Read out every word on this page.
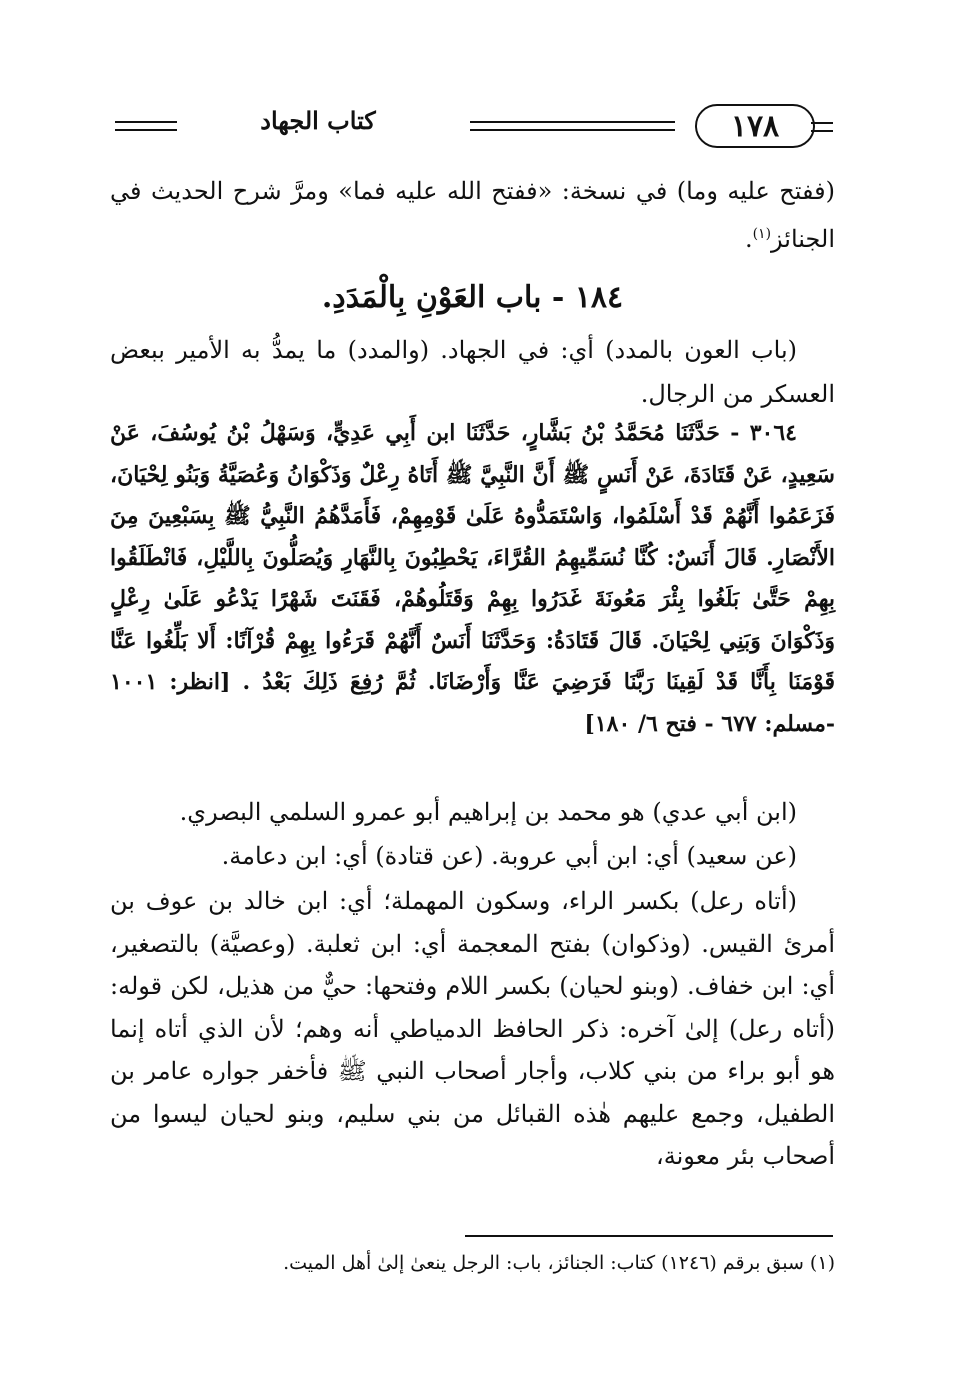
كتاب الجهاد	١٧٨

(ففتح عليه وما) في نسخة: «ففتح الله عليه فما» ومرَّ شرح الحديث في الجنائز$^{(١)}$.

١٨٤ - باب العَوْنِ بِالْمَدَدِ.

(باب العون بالمدد) أي: في الجهاد. (والمدد) ما يمدُّ به الأمير ببعض العسكر من الرجال.

٣٠٦٤ - حَدَّثَنَا مُحَمَّدُ بْنُ بَشَّارٍ، حَدَّثَنَا ابن أَبِي عَدِيٍّ، وَسَهْلُ بْنُ يُوسُفَ، عَنْ سَعِيدٍ، عَنْ قَتَادَةَ، عَنْ أَنَسٍ ﷺ أَنَّ النَّبِيَّ ﷺ أَتَاهُ رِعْلٌ وَذَكْوَانُ وَعُصَيَّةُ وَبَنُو لِحْيَانَ، فَزَعَمُوا أَنَّهُمْ قَدْ أَسْلَمُوا، وَاسْتَمَدُّوهُ عَلَىٰ قَوْمِهِمْ، فَأَمَدَّهُمُ النَّبِيُّ ﷺ بِسَبْعِينَ مِنَ الأَنْصَارِ. قَالَ أَنَسٌ: كُنَّا نُسَمِّيهِمُ القُرَّاءَ، يَحْطِبُونَ بِالنَّهَارِ وَيُصَلُّونَ بِاللَّيْلِ، فَانْطَلَقُوا بِهِمْ حَتَّىٰ بَلَغُوا بِئْرَ مَعُونَةَ غَدَرُوا بِهِمْ وَقَتَلُوهُمْ، فَقَنَتَ شَهْرًا يَدْعُو عَلَىٰ رِعْلٍ وَذَكْوَانَ وَبَنِي لِحْيَانَ. قَالَ قَتَادَةُ: وَحَدَّثَنَا أَنَسٌ أَنَّهُمْ قَرَءُوا بِهِمْ قُرْآنًا: أَلا بَلِّغُوا عَنَّا قَوْمَنَا بِأَنَّا قَدْ لَقِينَا رَبَّنَا فَرَضِيَ عَنَّا وَأَرْضَانَا. ثُمَّ رُفِعَ ذَلِكَ بَعْدُ . [انظر: ١٠٠١ -مسلم: ٦٧٧ - فتح ٦/ ١٨٠]

(ابن أبي عدي) هو محمد بن إبراهيم أبو عمرو السلمي البصري.

(عن سعيد) أي: ابن أبي عروبة. (عن قتادة) أي: ابن دعامة.

(أتاه رعل) بكسر الراء، وسكون المهملة؛ أي: ابن خالد بن عوف بن أمرئ القيس. (وذكوان) بفتح المعجمة أي: ابن ثعلبة. (وعصيَّة) بالتصغير، أي: ابن خفاف. (وبنو لحيان) بكسر اللام وفتحها: حيٌّ من هذيل، لكن قوله: (أتاه رعل) إلىٰ آخره: ذكر الحافظ الدمياطي أنه وهم؛ لأن الذي أتاه إنما هو أبو براء من بني كلاب، وأجار أصحاب النبي ﷺ فأخفر جواره عامر بن الطفيل، وجمع عليهم هٰذه القبائل من بني سليم، وبنو لحيان ليسوا من أصحاب بئر معونة،

(١) سبق برقم (١٢٤٦) كتاب: الجنائز، باب: الرجل ينعىٰ إلىٰ أهل الميت.
